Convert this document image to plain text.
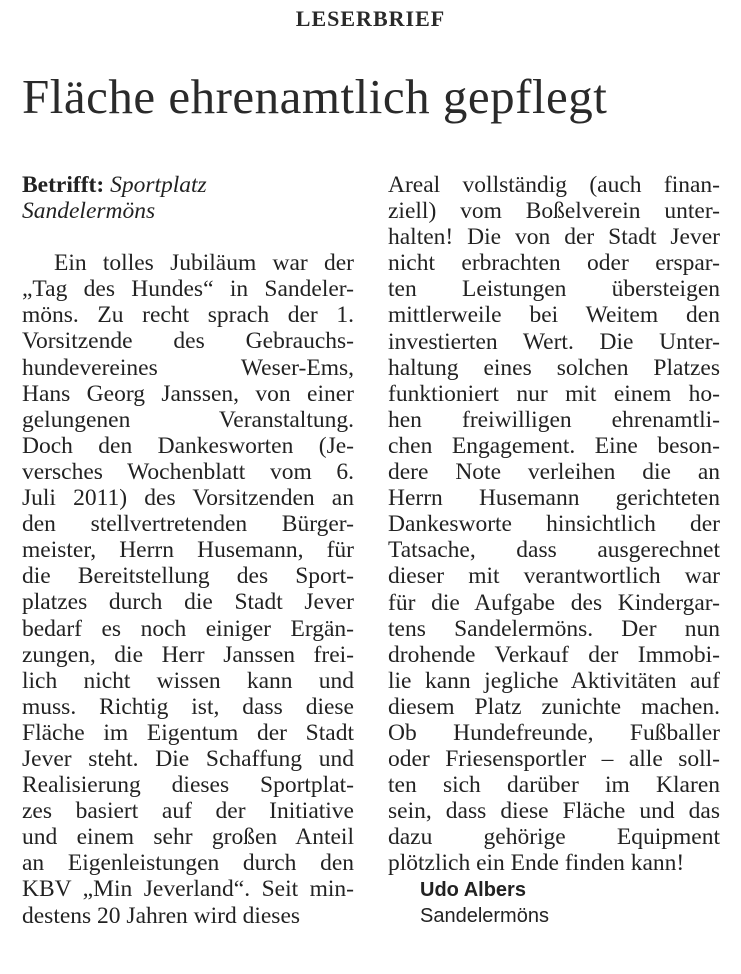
LESERBRIEF
Fläche ehrenamtlich gepflegt
Betrifft: Sportplatz
Sandelermöns
Ein tolles Jubiläum war der
„Tag des Hundes“ in Sandeler-
möns. Zu recht sprach der 1.
Vorsitzende des Gebrauchs-
hundevereines Weser-Ems,
Hans Georg Janssen, von einer
gelungenen Veranstaltung.
Doch den Dankesworten (Je-
versches Wochenblatt vom 6.
Juli 2011) des Vorsitzenden an
den stellvertretenden Bürger-
meister, Herrn Husemann, für
die Bereitstellung des Sport-
platzes durch die Stadt Jever
bedarf es noch einiger Ergän-
zungen, die Herr Janssen frei-
lich nicht wissen kann und
muss. Richtig ist, dass diese
Fläche im Eigentum der Stadt
Jever steht. Die Schaffung und
Realisierung dieses Sportplat-
zes basiert auf der Initiative
und einem sehr großen Anteil
an Eigenleistungen durch den
KBV „Min Jeverland“. Seit min-
destens 20 Jahren wird dieses
Areal vollständig (auch finan-
ziell) vom Boßelverein unter-
halten! Die von der Stadt Jever
nicht erbrachten oder erspar-
ten Leistungen übersteigen
mittlerweile bei Weitem den
investierten Wert. Die Unter-
haltung eines solchen Platzes
funktioniert nur mit einem ho-
hen freiwilligen ehrenamtli-
chen Engagement. Eine beson-
dere Note verleihen die an
Herrn Husemann gerichteten
Dankesworte hinsichtlich der
Tatsache, dass ausgerechnet
dieser mit verantwortlich war
für die Aufgabe des Kindergar-
tens Sandelermöns. Der nun
drohende Verkauf der Immobi-
lie kann jegliche Aktivitäten auf
diesem Platz zunichte machen.
Ob Hundefreunde, Fußballer
oder Friesensportler – alle soll-
ten sich darüber im Klaren
sein, dass diese Fläche und das
dazu gehörige Equipment
plötzlich ein Ende finden kann!
Udo Albers
Sandelermöns
